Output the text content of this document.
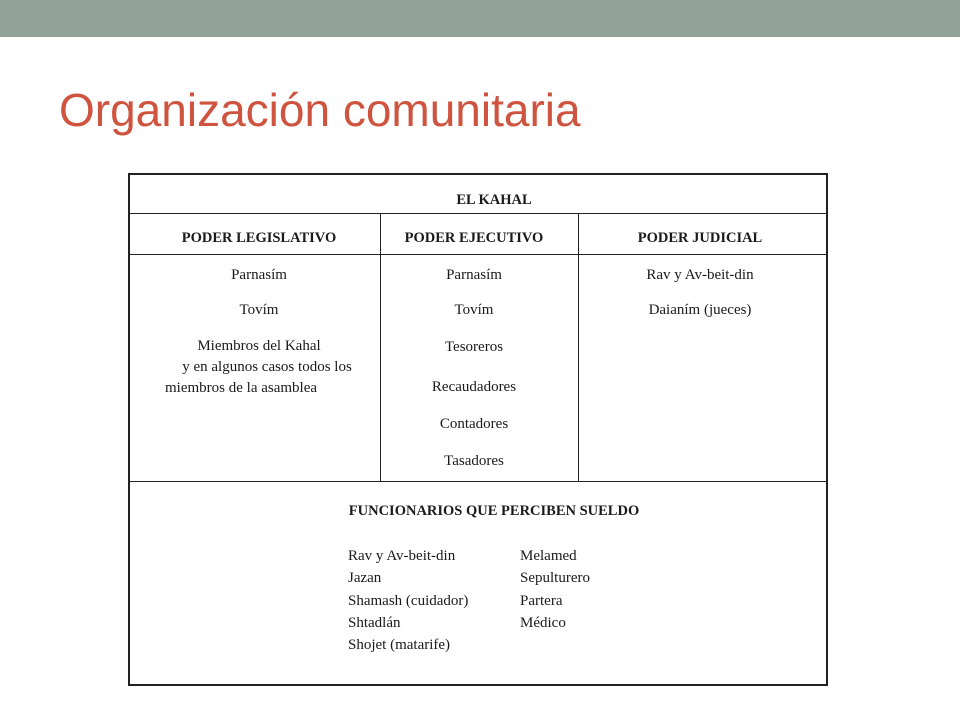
Organización comunitaria
EL KAHAL
PODER LEGISLATIVO	PODER EJECUTIVO	PODER JUDICIAL
Parnasím
Tovím
Miembros del Kahal
y en algunos casos todos los
miembros de la asamblea
Parnasím
Tovím
Tesoreros
Recaudadores
Contadores
Tasadores
Rav y Av-beit-din
Daianím (jueces)
FUNCIONARIOS QUE PERCIBEN SUELDO
Rav y Av-beit-din
Jazan
Shamash (cuidador)
Shtadlán
Shojet (matarife)
Melamed
Sepulturero
Partera
Médico
